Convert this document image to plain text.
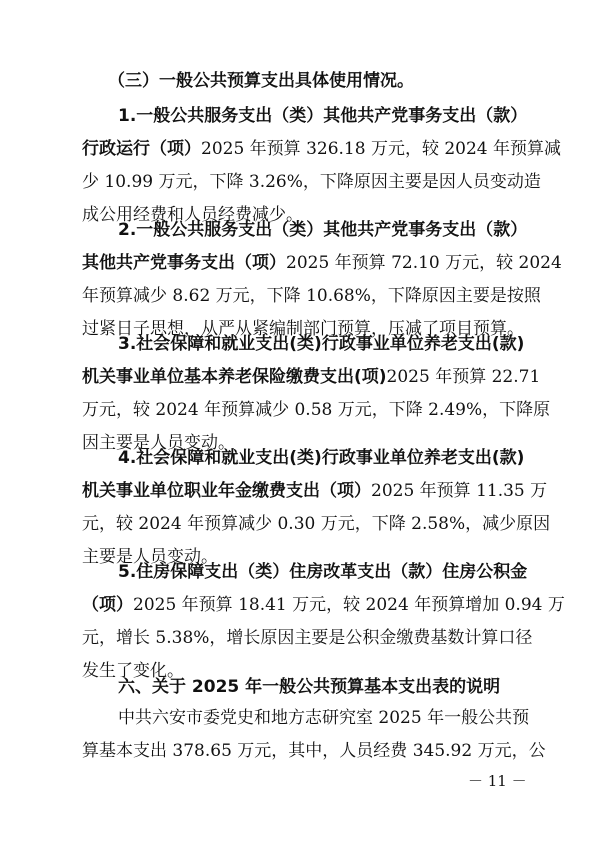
（三）一般公共预算支出具体使用情况。
1.一般公共服务支出（类）其他共产党事务支出（款）
行政运行（项）2025 年预算 326.18 万元，较 2024 年预算减
少 10.99 万元，下降 3.26%，下降原因主要是因人员变动造
成公用经费和人员经费减少。
2.一般公共服务支出（类）其他共产党事务支出（款）
其他共产党事务支出（项）2025 年预算 72.10 万元，较 2024
年预算减少 8.62 万元，下降 10.68%，下降原因主要是按照
过紧日子思想，从严从紧编制部门预算，压减了项目预算。
3.社会保障和就业支出(类)行政事业单位养老支出(款)
机关事业单位基本养老保险缴费支出(项)2025 年预算 22.71
万元，较 2024 年预算减少 0.58 万元，下降 2.49%，下降原
因主要是人员变动。
4.社会保障和就业支出(类)行政事业单位养老支出(款)
机关事业单位职业年金缴费支出（项）2025 年预算 11.35 万
元，较 2024 年预算减少 0.30 万元，下降 2.58%，减少原因
主要是人员变动。
5.住房保障支出（类）住房改革支出（款）住房公积金
（项）2025 年预算 18.41 万元，较 2024 年预算增加 0.94 万
元，增长 5.38%，增长原因主要是公积金缴费基数计算口径
发生了变化。
六、关于 2025 年一般公共预算基本支出表的说明
中共六安市委党史和地方志研究室 2025 年一般公共预
算基本支出 378.65 万元，其中，人员经费 345.92 万元，公
－ 11 －
